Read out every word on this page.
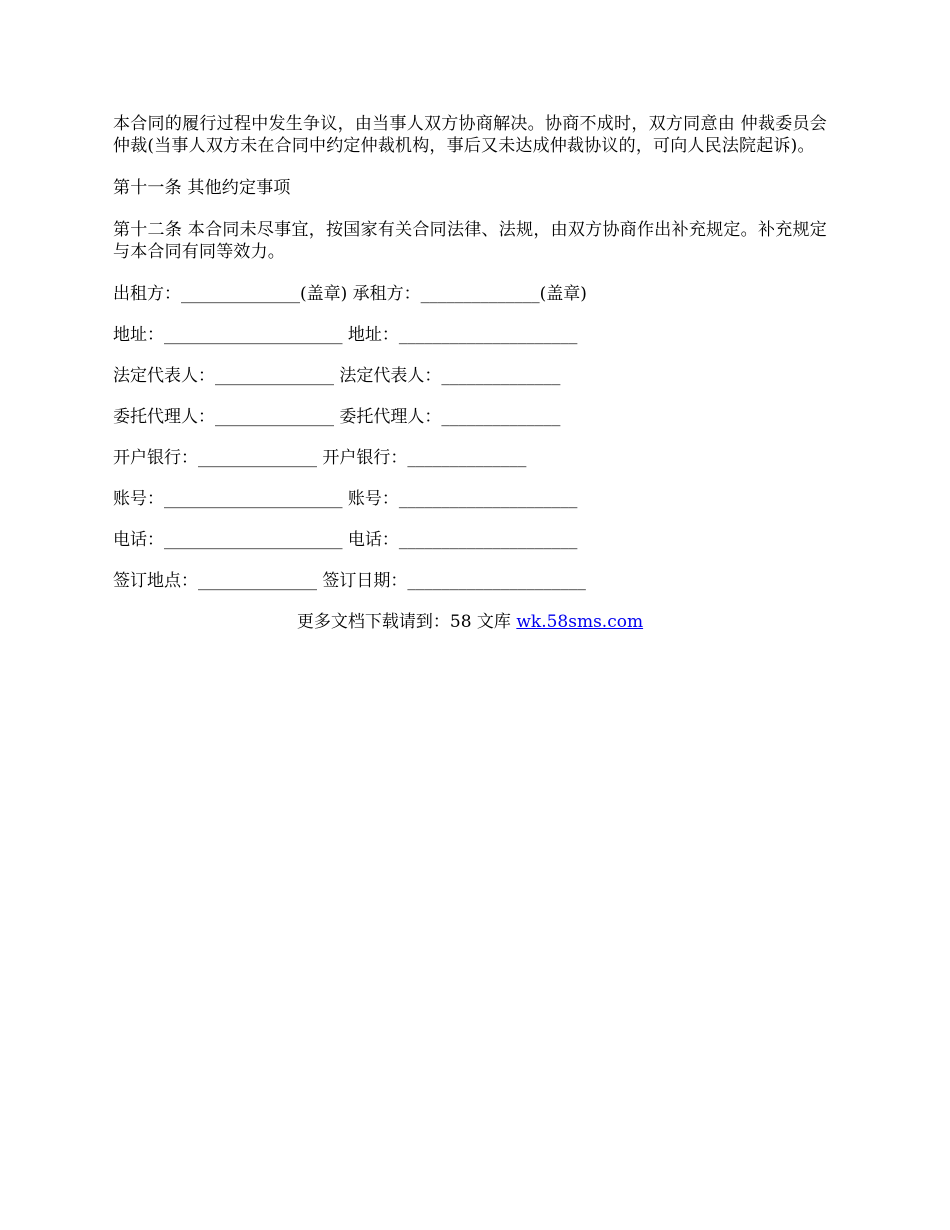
本合同的履行过程中发生争议，由当事人双方协商解决。协商不成时，双方同意由 仲裁委员会仲裁(当事人双方未在合同中约定仲裁机构，事后又未达成仲裁协议的，可向人民法院起诉)。

第十一条 其他约定事项

第十二条 本合同未尽事宜，按国家有关合同法律、法规，由双方协商作出补充规定。补充规定与本合同有同等效力。

出租方：______________(盖章) 承租方：______________(盖章)
地址：_____________________ 地址：_____________________
法定代表人：______________ 法定代表人：______________
委托代理人：______________ 委托代理人：______________
开户银行：______________ 开户银行：______________
账号：_____________________ 账号：_____________________
电话：_____________________ 电话：_____________________
签订地点：______________ 签订日期：_____________________
更多文档下载请到：58 文库 wk.58sms.com
